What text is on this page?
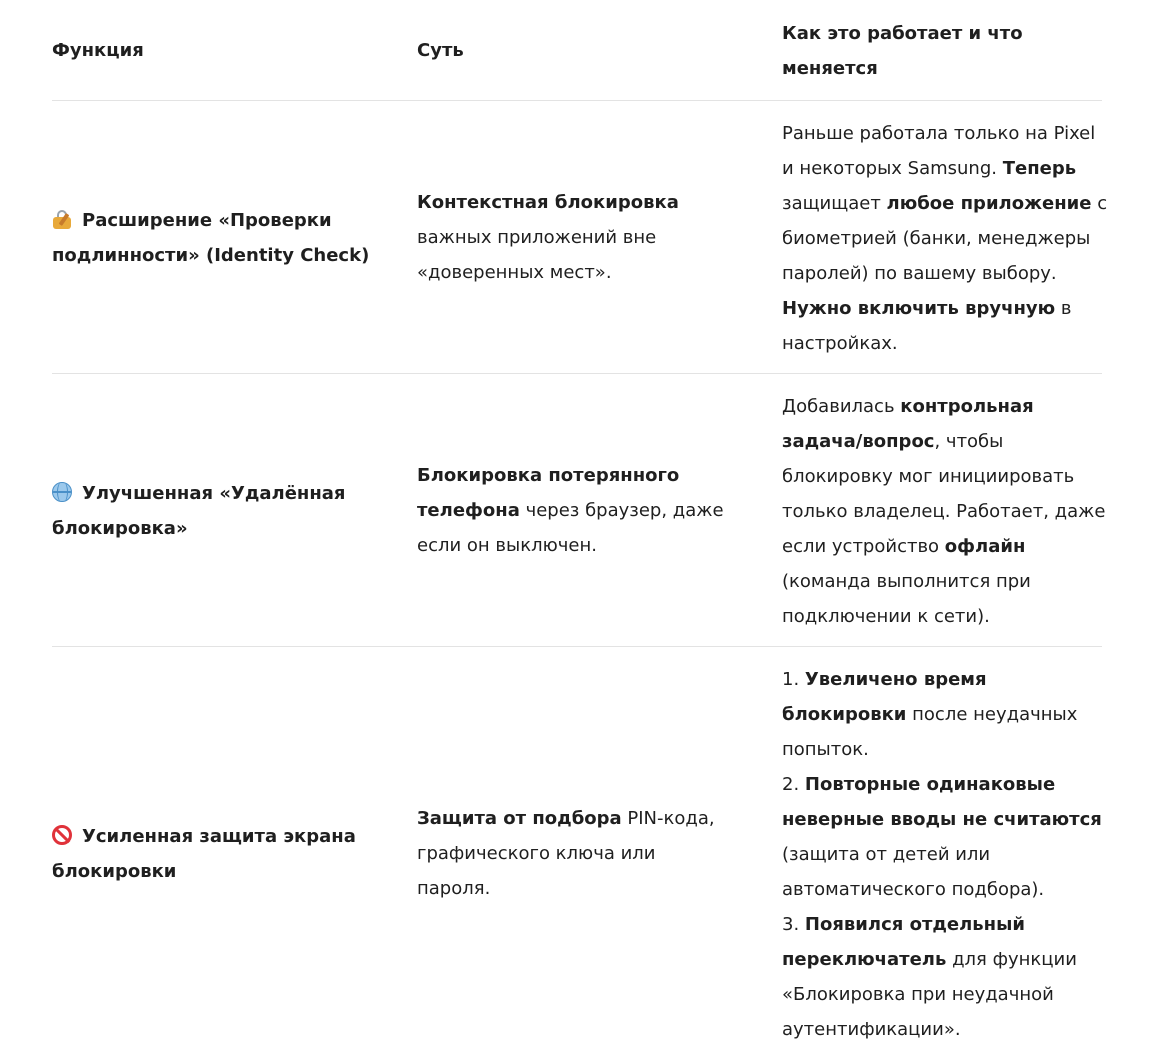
Функция	Суть
Как это работает и что
меняется
Расширение «Проверки
подлинности» (Identity Check)
Контекстная блокировка
важных приложений вне
«доверенных мест».
Раньше работала только на Pixel
и некоторых Samsung. Теперь
защищает любое приложение с
биометрией (банки, менеджеры
паролей) по вашему выбору.
Нужно включить вручную в
настройках.
Улучшенная «Удалённая
блокировка»
Блокировка потерянного
телефона через браузер, даже
если он выключен.
Добавилась контрольная
задача/вопрос, чтобы
блокировку мог инициировать
только владелец. Работает, даже
если устройство офлайн
(команда выполнится при
подключении к сети).
Усиленная защита экрана
блокировки
Защита от подбора PIN-кода,
графического ключа или
пароля.
1. Увеличено время
блокировки после неудачных
попыток.
2. Повторные одинаковые
неверные вводы не считаются
(защита от детей или
автоматического подбора).
3. Появился отдельный
переключатель для функции
«Блокировка при неудачной
аутентификации».
